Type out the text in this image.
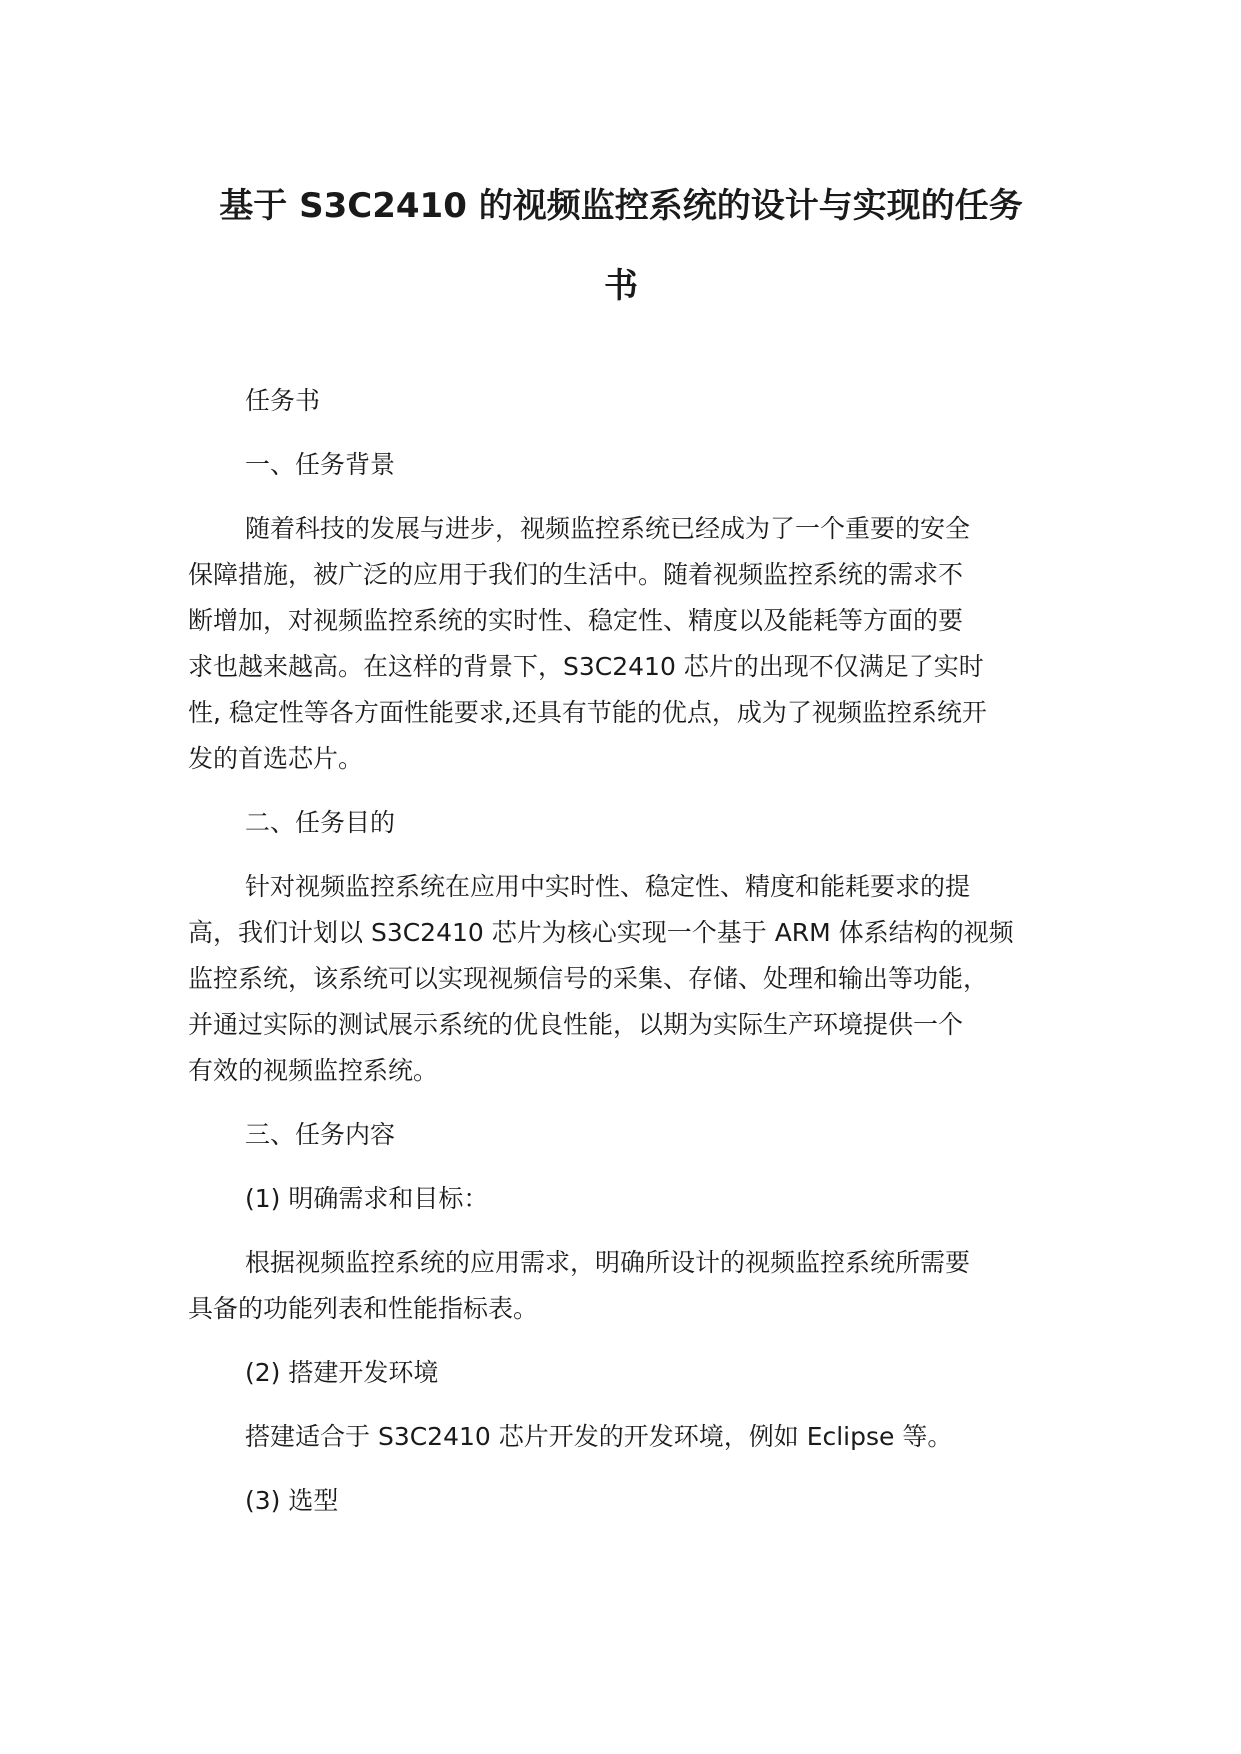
基于 S3C2410 的视频监控系统的设计与实现的任务
书

任务书

一、任务背景

随着科技的发展与进步，视频监控系统已经成为了一个重要的安全
保障措施，被广泛的应用于我们的生活中。随着视频监控系统的需求不
断增加，对视频监控系统的实时性、稳定性、精度以及能耗等方面的要
求也越来越高。在这样的背景下，S3C2410 芯片的出现不仅满足了实时
性, 稳定性等各方面性能要求,还具有节能的优点，成为了视频监控系统开
发的首选芯片。

二、任务目的

针对视频监控系统在应用中实时性、稳定性、精度和能耗要求的提
高，我们计划以 S3C2410 芯片为核心实现一个基于 ARM 体系结构的视频
监控系统，该系统可以实现视频信号的采集、存储、处理和输出等功能，
并通过实际的测试展示系统的优良性能，以期为实际生产环境提供一个
有效的视频监控系统。

三、任务内容

(1) 明确需求和目标：

根据视频监控系统的应用需求，明确所设计的视频监控系统所需要
具备的功能列表和性能指标表。

(2) 搭建开发环境

搭建适合于 S3C2410 芯片开发的开发环境，例如 Eclipse 等。

(3) 选型
